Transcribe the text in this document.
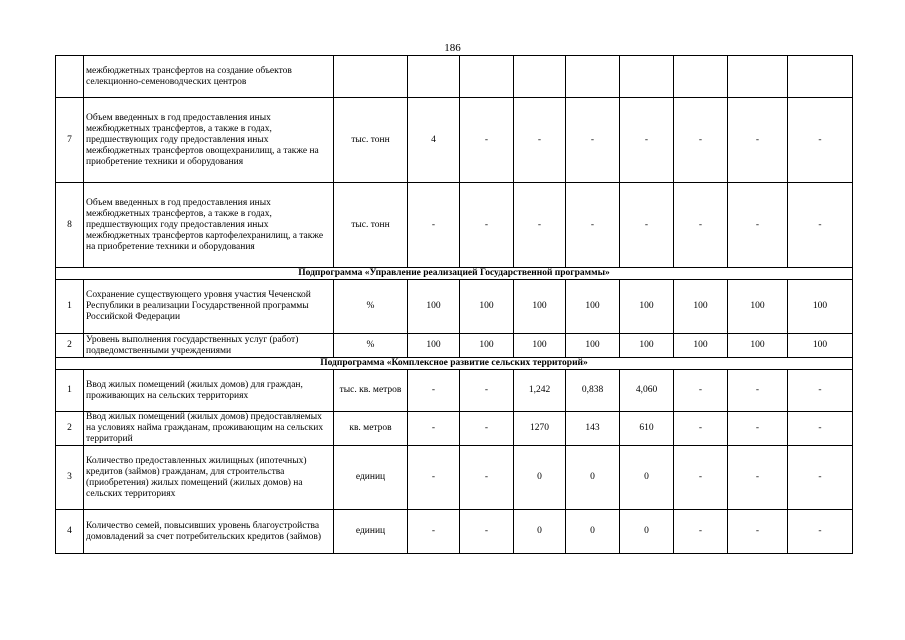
186
	межбюджетных трансфертов на создание объектов селекционно-семеноводческих центров									
7	Объем введенных в год предоставления иных межбюджетных трансфертов, а также в годах, предшествующих году предоставления иных межбюджетных трансфертов овощехранилищ, а также на приобретение техники и оборудования	тыс. тонн	4	-	-	-	-	-	-	-
8	Объем введенных в год предоставления иных межбюджетных трансфертов, а также в годах, предшествующих году предоставления иных межбюджетных трансфертов картофелехранилищ, а также на приобретение техники и оборудования	тыс. тонн	-	-	-	-	-	-	-	-
Подпрограмма «Управление реализацией Государственной программы»										
1	Сохранение существующего уровня участия Чеченской Республики в реализации Государственной программы Российской Федерации	%	100	100	100	100	100	100	100	100
2	Уровень выполнения государственных услуг (работ) подведомственными учреждениями	%	100	100	100	100	100	100	100	100
Подпрограмма «Комплексное развитие сельских территорий»										
1	Ввод жилых помещений (жилых домов) для граждан, проживающих на сельских территориях	тыс. кв. метров	-	-	1,242	0,838	4,060	-	-	-
2	Ввод жилых помещений (жилых домов) предоставляемых на условиях найма гражданам, проживающим на сельских территорий	кв. метров	-	-	1270	143	610	-	-	-
3	Количество предоставленных жилищных (ипотечных) кредитов (займов) гражданам, для строительства (приобретения) жилых помещений (жилых домов) на сельских территориях	единиц	-	-	0	0	0	-	-	-
4	Количество семей, повысивших уровень благоустройства домовладений за счет потребительских кредитов (займов)	единиц	-	-	0	0	0	-	-	-
